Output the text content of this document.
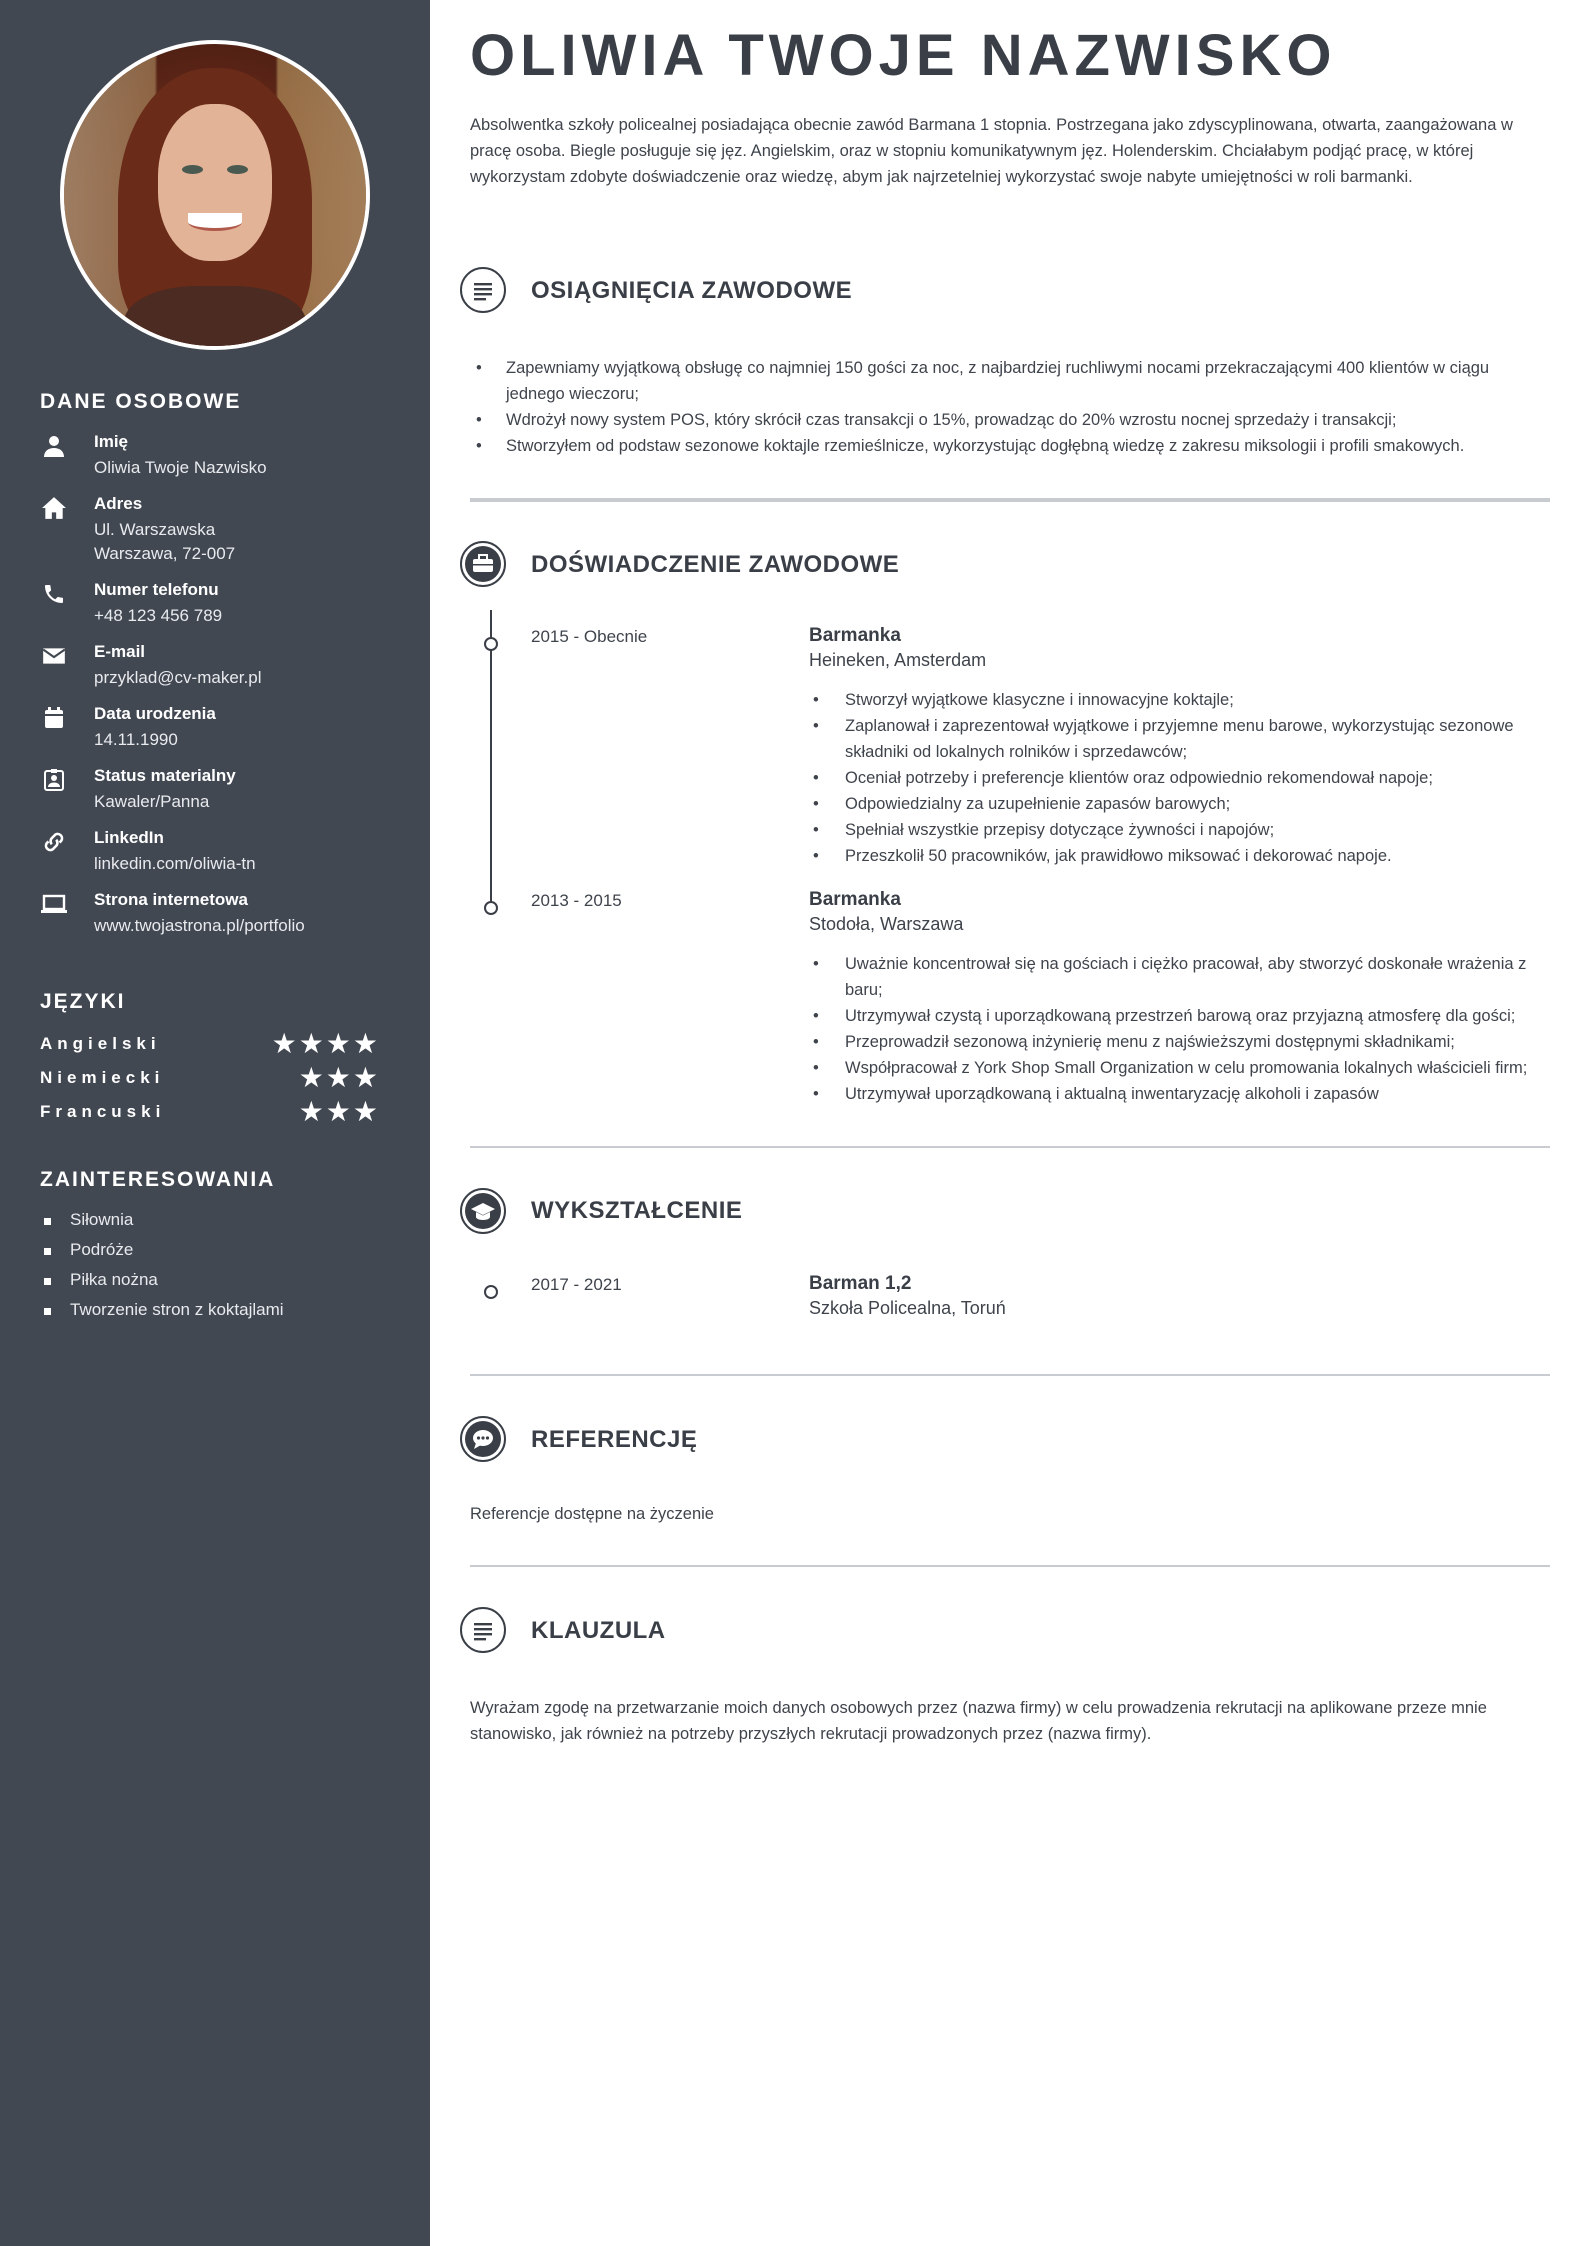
DANE OSOBOWE
Imię
Oliwia Twoje Nazwisko
Adres
Ul. Warszawska
Warszawa, 72-007
Numer telefonu
+48 123 456 789
E-mail
przyklad@cv-maker.pl
Data urodzenia
14.11.1990
Status materialny
Kawaler/Panna
LinkedIn
linkedin.com/oliwia-tn
Strona internetowa
www.twojastrona.pl/portfolio
JĘZYKI
Angielski	★★★★
Niemiecki	★★★
Francuski	★★★
ZAINTERESOWANIA
Siłownia
Podróże
Piłka nożna
Tworzenie stron z koktajlami
OLIWIA TWOJE NAZWISKO
Absolwentka szkoły policealnej posiadająca obecnie zawód Barmana 1 stopnia. Postrzegana jako zdyscyplinowana, otwarta, zaangażowana w pracę osoba. Biegle posługuje się jęz. Angielskim, oraz w stopniu komunikatywnym jęz. Holenderskim. Chciałabym podjąć pracę, w której wykorzystam zdobyte doświadczenie oraz wiedzę, abym jak najrzetelniej wykorzystać swoje nabyte umiejętności w roli barmanki.
OSIĄGNIĘCIA ZAWODOWE
• Zapewniamy wyjątkową obsługę co najmniej 150 gości za noc, z najbardziej ruchliwymi nocami przekraczającymi 400 klientów w ciągu jednego wieczoru;
• Wdrożył nowy system POS, który skrócił czas transakcji o 15%, prowadząc do 20% wzrostu nocnej sprzedaży i transakcji;
• Stworzyłem od podstaw sezonowe koktajle rzemieślnicze, wykorzystując dogłębną wiedzę z zakresu miksologii i profili smakowych.
DOŚWIADCZENIE ZAWODOWE
2015 - Obecnie	Barmanka
Heineken, Amsterdam
• Stworzył wyjątkowe klasyczne i innowacyjne koktajle;
• Zaplanował i zaprezentował wyjątkowe i przyjemne menu barowe, wykorzystując sezonowe składniki od lokalnych rolników i sprzedawców;
• Oceniał potrzeby i preferencje klientów oraz odpowiednio rekomendował napoje;
• Odpowiedzialny za uzupełnienie zapasów barowych;
• Spełniał wszystkie przepisy dotyczące żywności i napojów;
• Przeszkolił 50 pracowników, jak prawidłowo miksować i dekorować napoje.
2013 - 2015	Barmanka
Stodoła, Warszawa
• Uważnie koncentrował się na gościach i ciężko pracował, aby stworzyć doskonałe wrażenia z baru;
• Utrzymywał czystą i uporządkowaną przestrzeń barową oraz przyjazną atmosferę dla gości;
• Przeprowadził sezonową inżynierię menu z najświeższymi dostępnymi składnikami;
• Współpracował z York Shop Small Organization w celu promowania lokalnych właścicieli firm;
• Utrzymywał uporządkowaną i aktualną inwentaryzację alkoholi i zapasów
WYKSZTAŁCENIE
2017 - 2021	Barman 1,2
Szkoła Policealna, Toruń
REFERENCJĘ
Referencje dostępne na życzenie
KLAUZULA
Wyrażam zgodę na przetwarzanie moich danych osobowych przez (nazwa firmy) w celu prowadzenia rekrutacji na aplikowane przeze mnie stanowisko, jak również na potrzeby przyszłych rekrutacji prowadzonych przez (nazwa firmy).
